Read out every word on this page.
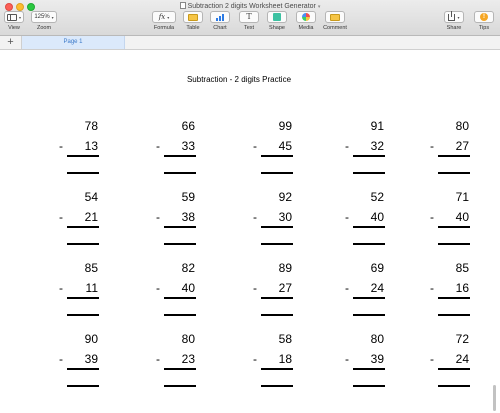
Subtraction 2 digits Worksheet Generator ▾
▾
View
125% ▾
Zoom
fx ▾
Formula	Table	Chart
T
Text	Shape	Media	Comment
▾
Share
!
Tips
+	Page 1
Subtraction - 2 digits Practice
78
- 13
66
- 33
99
- 45
91
- 32
80
- 27
54
- 21
59
- 38
92
- 30
52
- 40
71
- 40
85
- 11
82
- 40
89
- 27
69
- 24
85
- 16
90
- 39
80
- 23
58
- 18
80
- 39
72
- 24
